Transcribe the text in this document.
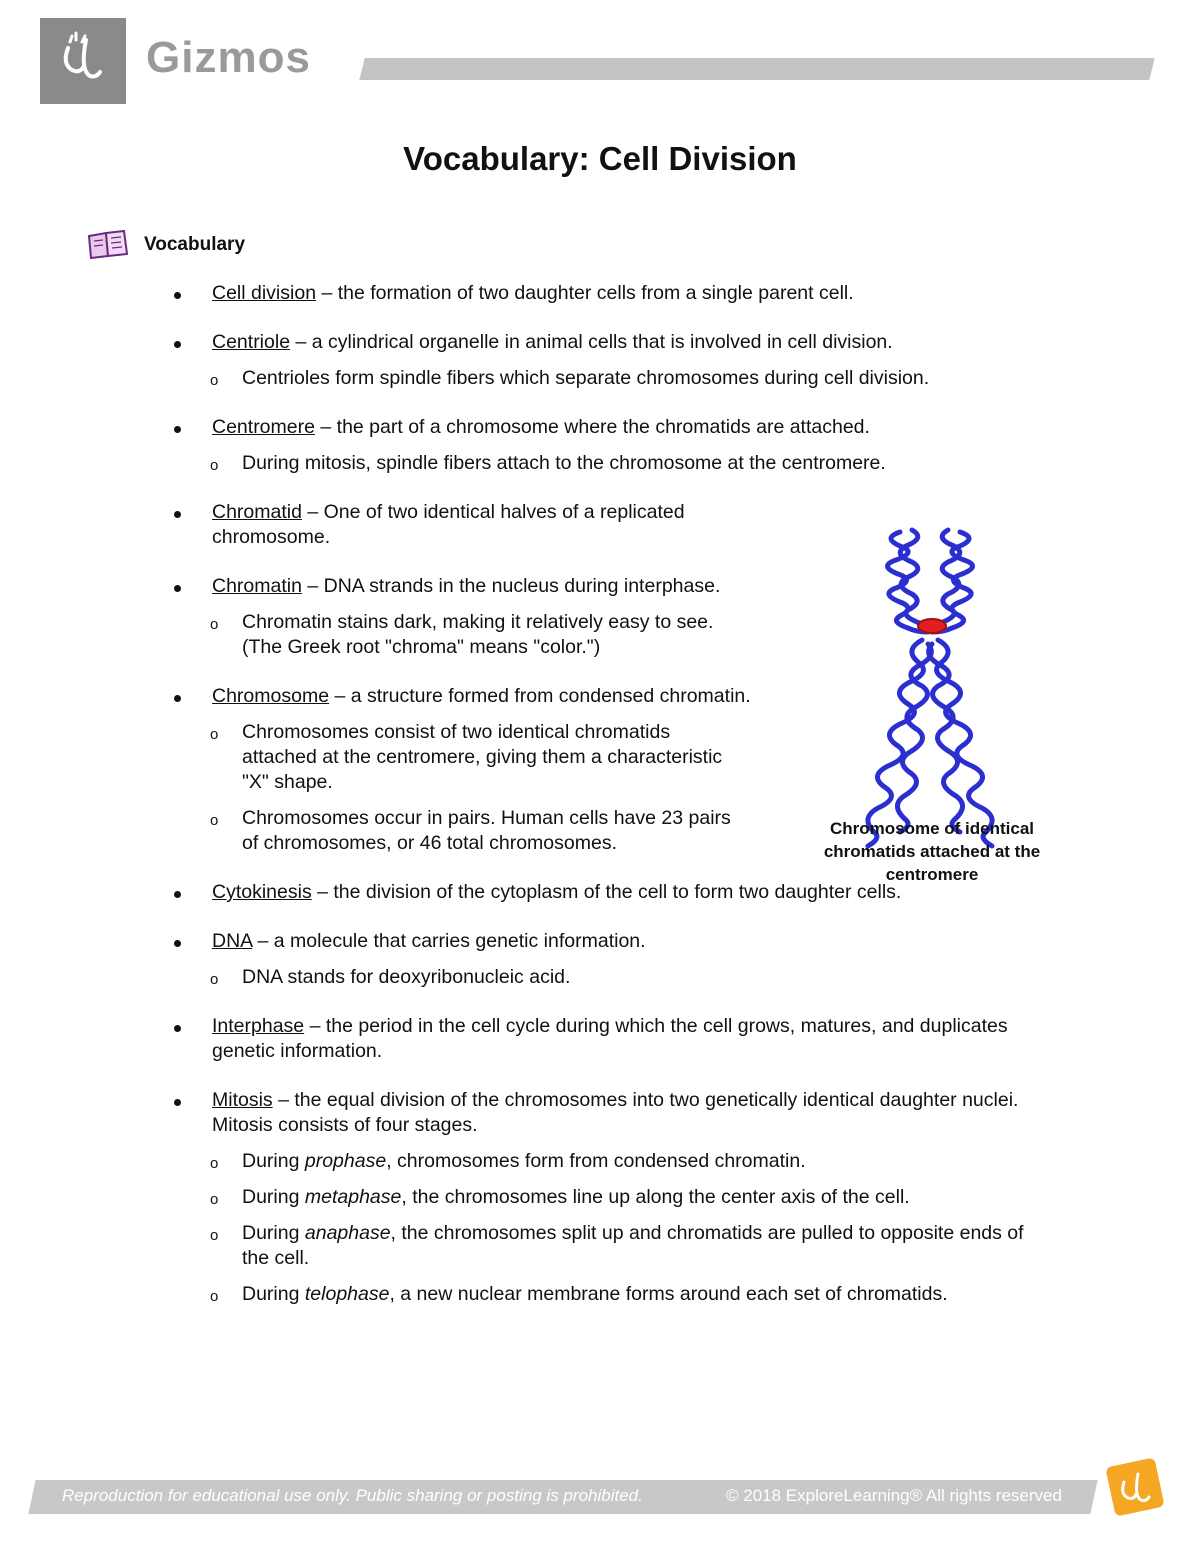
Gizmos
Vocabulary: Cell Division
Vocabulary
Cell division – the formation of two daughter cells from a single parent cell.
Centriole – a cylindrical organelle in animal cells that is involved in cell division.
o Centrioles form spindle fibers which separate chromosomes during cell division.
Centromere – the part of a chromosome where the chromatids are attached.
o During mitosis, spindle fibers attach to the chromosome at the centromere.
Chromatid – One of two identical halves of a replicated chromosome.
Chromatin – DNA strands in the nucleus during interphase.
o Chromatin stains dark, making it relatively easy to see. (The Greek root "chroma" means "color.")
Chromosome – a structure formed from condensed chromatin.
o Chromosomes consist of two identical chromatids attached at the centromere, giving them a characteristic "X" shape.
o Chromosomes occur in pairs. Human cells have 23 pairs of chromosomes, or 46 total chromosomes.
Cytokinesis – the division of the cytoplasm of the cell to form two daughter cells.
DNA – a molecule that carries genetic information.
o DNA stands for deoxyribonucleic acid.
Interphase – the period in the cell cycle during which the cell grows, matures, and duplicates genetic information.
Mitosis – the equal division of the chromosomes into two genetically identical daughter nuclei. Mitosis consists of four stages.
o During prophase, chromosomes form from condensed chromatin.
o During metaphase, the chromosomes line up along the center axis of the cell.
o During anaphase, the chromosomes split up and chromatids are pulled to opposite ends of the cell.
o During telophase, a new nuclear membrane forms around each set of chromatids.
Chromosome of identical chromatids attached at the centromere
Reproduction for educational use only. Public sharing or posting is prohibited.	© 2018 ExploreLearning® All rights reserved
